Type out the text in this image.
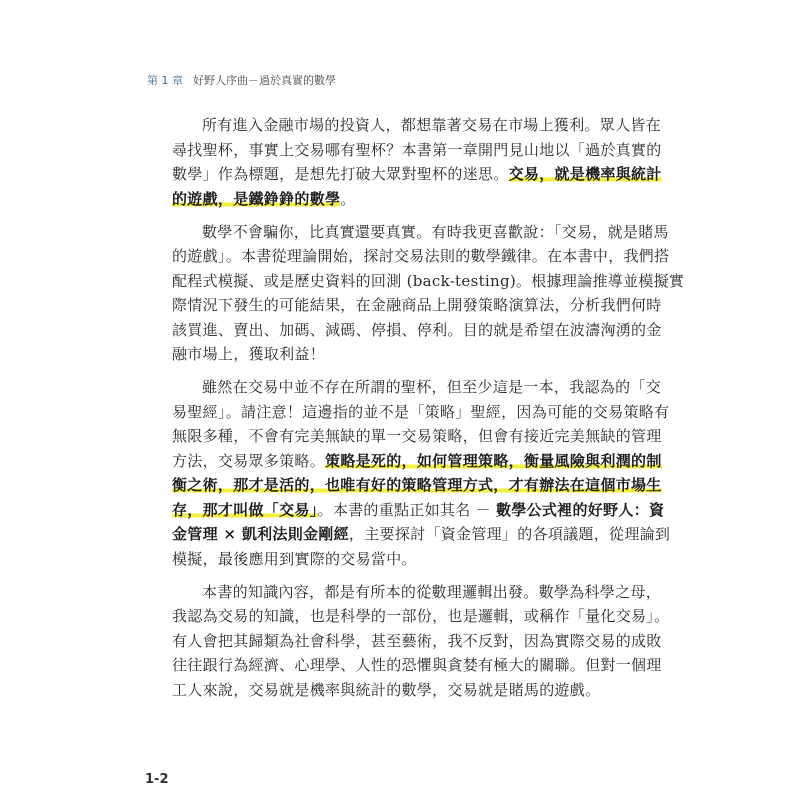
第 1 章 好野人序曲－過於真實的數學
所有進入金融市場的投資人，都想靠著交易在市場上獲利。眾人皆在
尋找聖杯，事實上交易哪有聖杯？本書第一章開門見山地以「過於真實的
數學」作為標題，是想先打破大眾對聖杯的迷思。交易，就是機率與統計
的遊戲，是鐵錚錚的數學。
數學不會騙你，比真實還要真實。有時我更喜歡說：「交易，就是賭馬
的遊戲」。本書從理論開始，探討交易法則的數學鐵律。在本書中，我們搭
配程式模擬、或是歷史資料的回測 (back-testing)。根據理論推導並模擬實
際情況下發生的可能結果，在金融商品上開發策略演算法，分析我們何時
該買進、賣出、加碼、減碼、停損、停利。目的就是希望在波濤洶湧的金
融市場上，獲取利益！
雖然在交易中並不存在所謂的聖杯，但至少這是一本，我認為的「交
易聖經」。請注意！這邊指的並不是「策略」聖經，因為可能的交易策略有
無限多種，不會有完美無缺的單一交易策略，但會有接近完美無缺的管理
方法，交易眾多策略。策略是死的，如何管理策略，衡量風險與利潤的制
衡之術，那才是活的，也唯有好的策略管理方式，才有辦法在這個市場生
存，那才叫做「交易」。本書的重點正如其名 － 數學公式裡的好野人：資
金管理 × 凱利法則金剛經，主要探討「資金管理」的各項議題，從理論到
模擬，最後應用到實際的交易當中。
本書的知識內容，都是有所本的從數理邏輯出發。數學為科學之母，
我認為交易的知識，也是科學的一部份，也是邏輯，或稱作「量化交易」。
有人會把其歸類為社會科學，甚至藝術，我不反對，因為實際交易的成敗
往往跟行為經濟、心理學、人性的恐懼與貪婪有極大的關聯。但對一個理
工人來說，交易就是機率與統計的數學，交易就是賭馬的遊戲。
1-2
